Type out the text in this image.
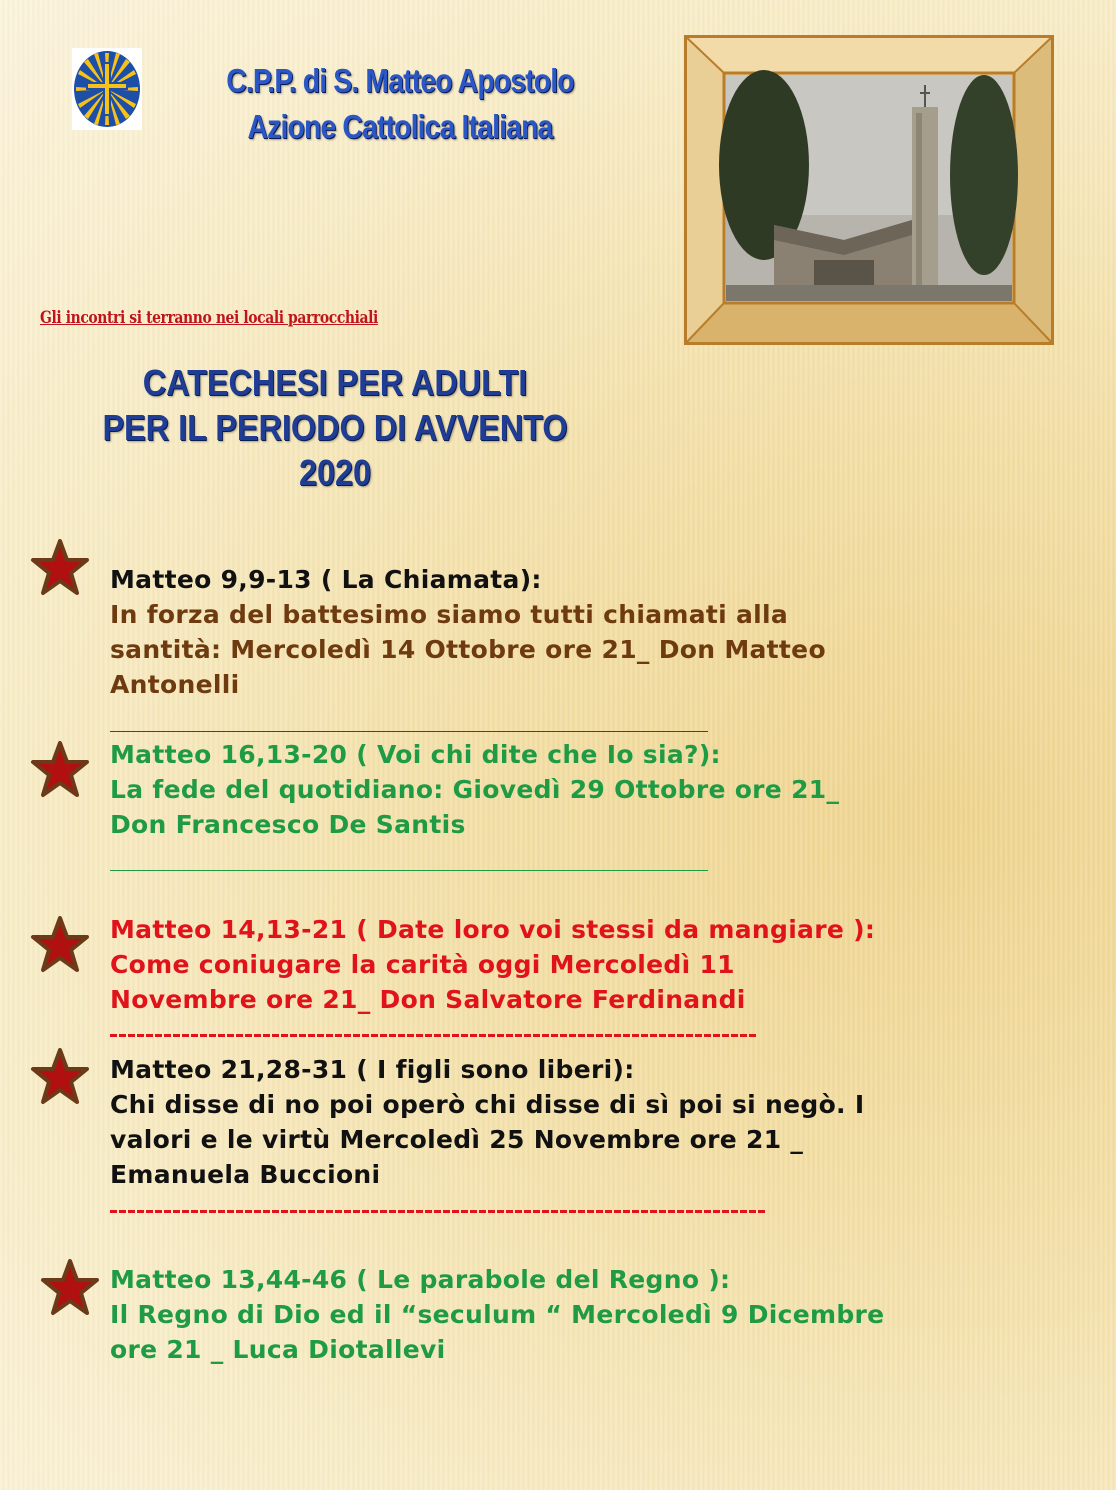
C.P.P. di S. Matteo Apostolo
Azione Cattolica Italiana
Gli incontri si terranno nei locali parrocchiali
CATECHESI PER ADULTI
PER IL PERIODO DI AVVENTO
2020
Matteo 9,9-13 ( La Chiamata):
In forza del battesimo siamo tutti chiamati alla
santità: Mercoledì 14 Ottobre ore 21_ Don Matteo
Antonelli
Matteo 16,13-20 ( Voi chi dite che Io sia?):
La fede del quotidiano: Giovedì 29 Ottobre ore 21_
Don Francesco De Santis
Matteo 14,13-21 ( Date loro voi stessi da mangiare ):
Come coniugare la carità oggi Mercoledì 11
Novembre ore 21_ Don Salvatore Ferdinandi
Matteo 21,28-31 ( I figli sono liberi):
Chi disse di no poi operò chi disse di sì poi si negò. I
valori e le virtù Mercoledì 25 Novembre ore 21 _
Emanuela Buccioni
Matteo 13,44-46 ( Le parabole del Regno ):
Il Regno di Dio ed il “seculum “ Mercoledì 9 Dicembre
ore 21 _ Luca Diotallevi
